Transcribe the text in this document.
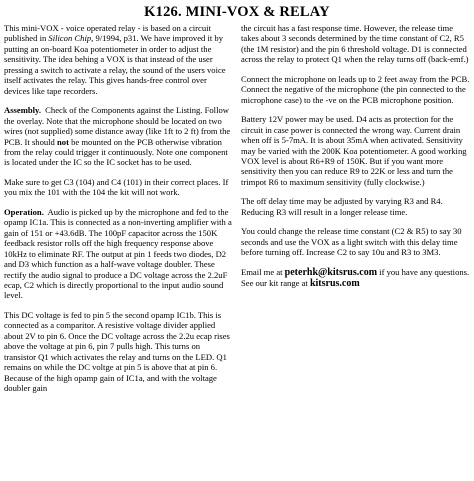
K126. MINI-VOX & RELAY

This mini-VOX - voice operated relay - is based on a circuit published in Silicon Chip, 9/1994, p31. We have improved it by putting an on-board Koa potentiometer in order to adjust the sensitivity. The idea behing a VOX is that instead of the user pressing a switch to activate a relay, the sound of the users voice itself activates the relay. This gives hands-free control over devices like tape recorders.

Assembly. Check of the Components against the Listing. Follow the overlay. Note that the microphone should be located on two wires (not supplied) some distance away (like 1ft to 2 ft) from the PCB. It should not be mounted on the PCB otherwise vibration from the relay could trigger it continuously. Note one component is located under the IC so the IC socket has to be used.

Make sure to get C3 (104) and C4 (101) in their correct places. If you mix the 101 with the 104 the kit will not work.

Operation. Audio is picked up by the microphone and fed to the opamp IC1a. This is connected as a non-inverting amplifier with a gain of 151 or +43.6dB. The 100pF capacitor across the 150K feedback resistor rolls off the high frequency response above 10kHz to eliminate RF. The output at pin 1 feeds two diodes, D2 and D3 which function as a half-wave voltage doubler. These rectify the audio signal to produce a DC voltage across the 2.2uF ecap, C2 which is directly proportional to the input audio sound level.

This DC voltage is fed to pin 5 the second opamp IC1b. This is connected as a comparitor. A resistive voltage divider applied about 2V to pin 6. Once the DC voltage across the 2.2u ecap rises above the voltage at pin 6, pin 7 pulls high. This turns on transistor Q1 which activates the relay and turns on the LED. Q1 remains on while the DC voltge at pin 5 is above that at pin 6. Because of the high opamp gain of IC1a, and with the voltage doubler gain

the circuit has a fast response time. However, the release time takes about 3 seconds determined by the time constant of C2, R5 (the 1M resistor) and the pin 6 threshold voltage. D1 is connected across the relay to protect Q1 when the relay turns off (back-emf.)

Connect the microphone on leads up to 2 feet away from the PCB. Connect the negative of the microphone (the pin connected to the microphone case) to the -ve on the PCB microphone position.

Battery 12V power may be used. D4 acts as protection for the circuit in case power is connected the wrong way. Current drain when off is 5-7mA. It is about 35mA when activated. Sensitivity may be varied with the 200K Koa potentiometer. A good working VOX level is about R6+R9 of 150K. But if you want more sensitivity then you can reduce R9 to 22K or less and turn the trimpot R6 to maximum sensitivity (fully clockwise.)

The off delay time may be adjusted by varying R3 and R4. Reducing R3 will result in a longer release time.

You could change the release time constant (C2 & R5) to say 30 seconds and use the VOX as a light switch with this delay time before turning off. Increase C2 to say 10u and R3 to 3M3.

Email me at peterhk@kitsrus.com if you have any questions. See our kit range at kitsrus.com
